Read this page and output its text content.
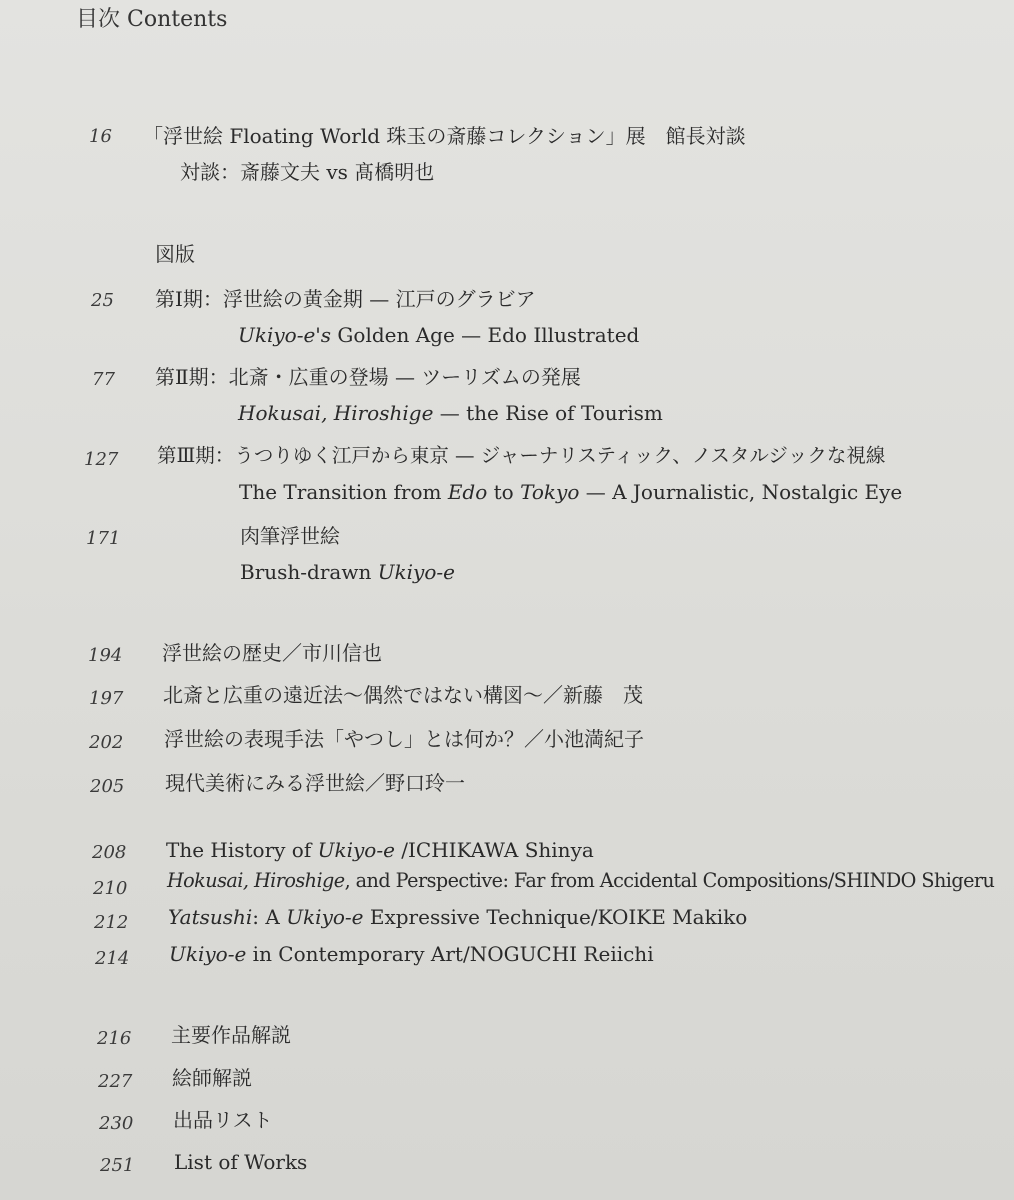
目次 Contents
16 「浮世絵 Floating World 珠玉の斎藤コレクション」展　館長対談
対談：斎藤文夫 vs 髙橋明也
図版
25 第Ⅰ期：浮世絵の黄金期 — 江戸のグラビア
Ukiyo-e's Golden Age — Edo Illustrated
77 第Ⅱ期：北斎・広重の登場 — ツーリズムの発展
Hokusai, Hiroshige — the Rise of Tourism
127 第Ⅲ期：うつりゆく江戸から東京 — ジャーナリスティック、ノスタルジックな視線
The Transition from Edo to Tokyo — A Journalistic, Nostalgic Eye
171	肉筆浮世絵
Brush-drawn Ukiyo-e
194 浮世絵の歴史／市川信也
197 北斎と広重の遠近法〜偶然ではない構図〜／新藤　茂
202 浮世絵の表現手法「やつし」とは何か？／小池満紀子
205 現代美術にみる浮世絵／野口玲一
208 The History of Ukiyo-e /ICHIKAWA Shinya
210 Hokusai, Hiroshige, and Perspective: Far from Accidental Compositions/SHINDO Shigeru
212 Yatsushi: A Ukiyo-e Expressive Technique/KOIKE Makiko
214 Ukiyo-e in Contemporary Art/NOGUCHI Reiichi
216 主要作品解説
227 絵師解説
230 出品リスト
251 List of Works
